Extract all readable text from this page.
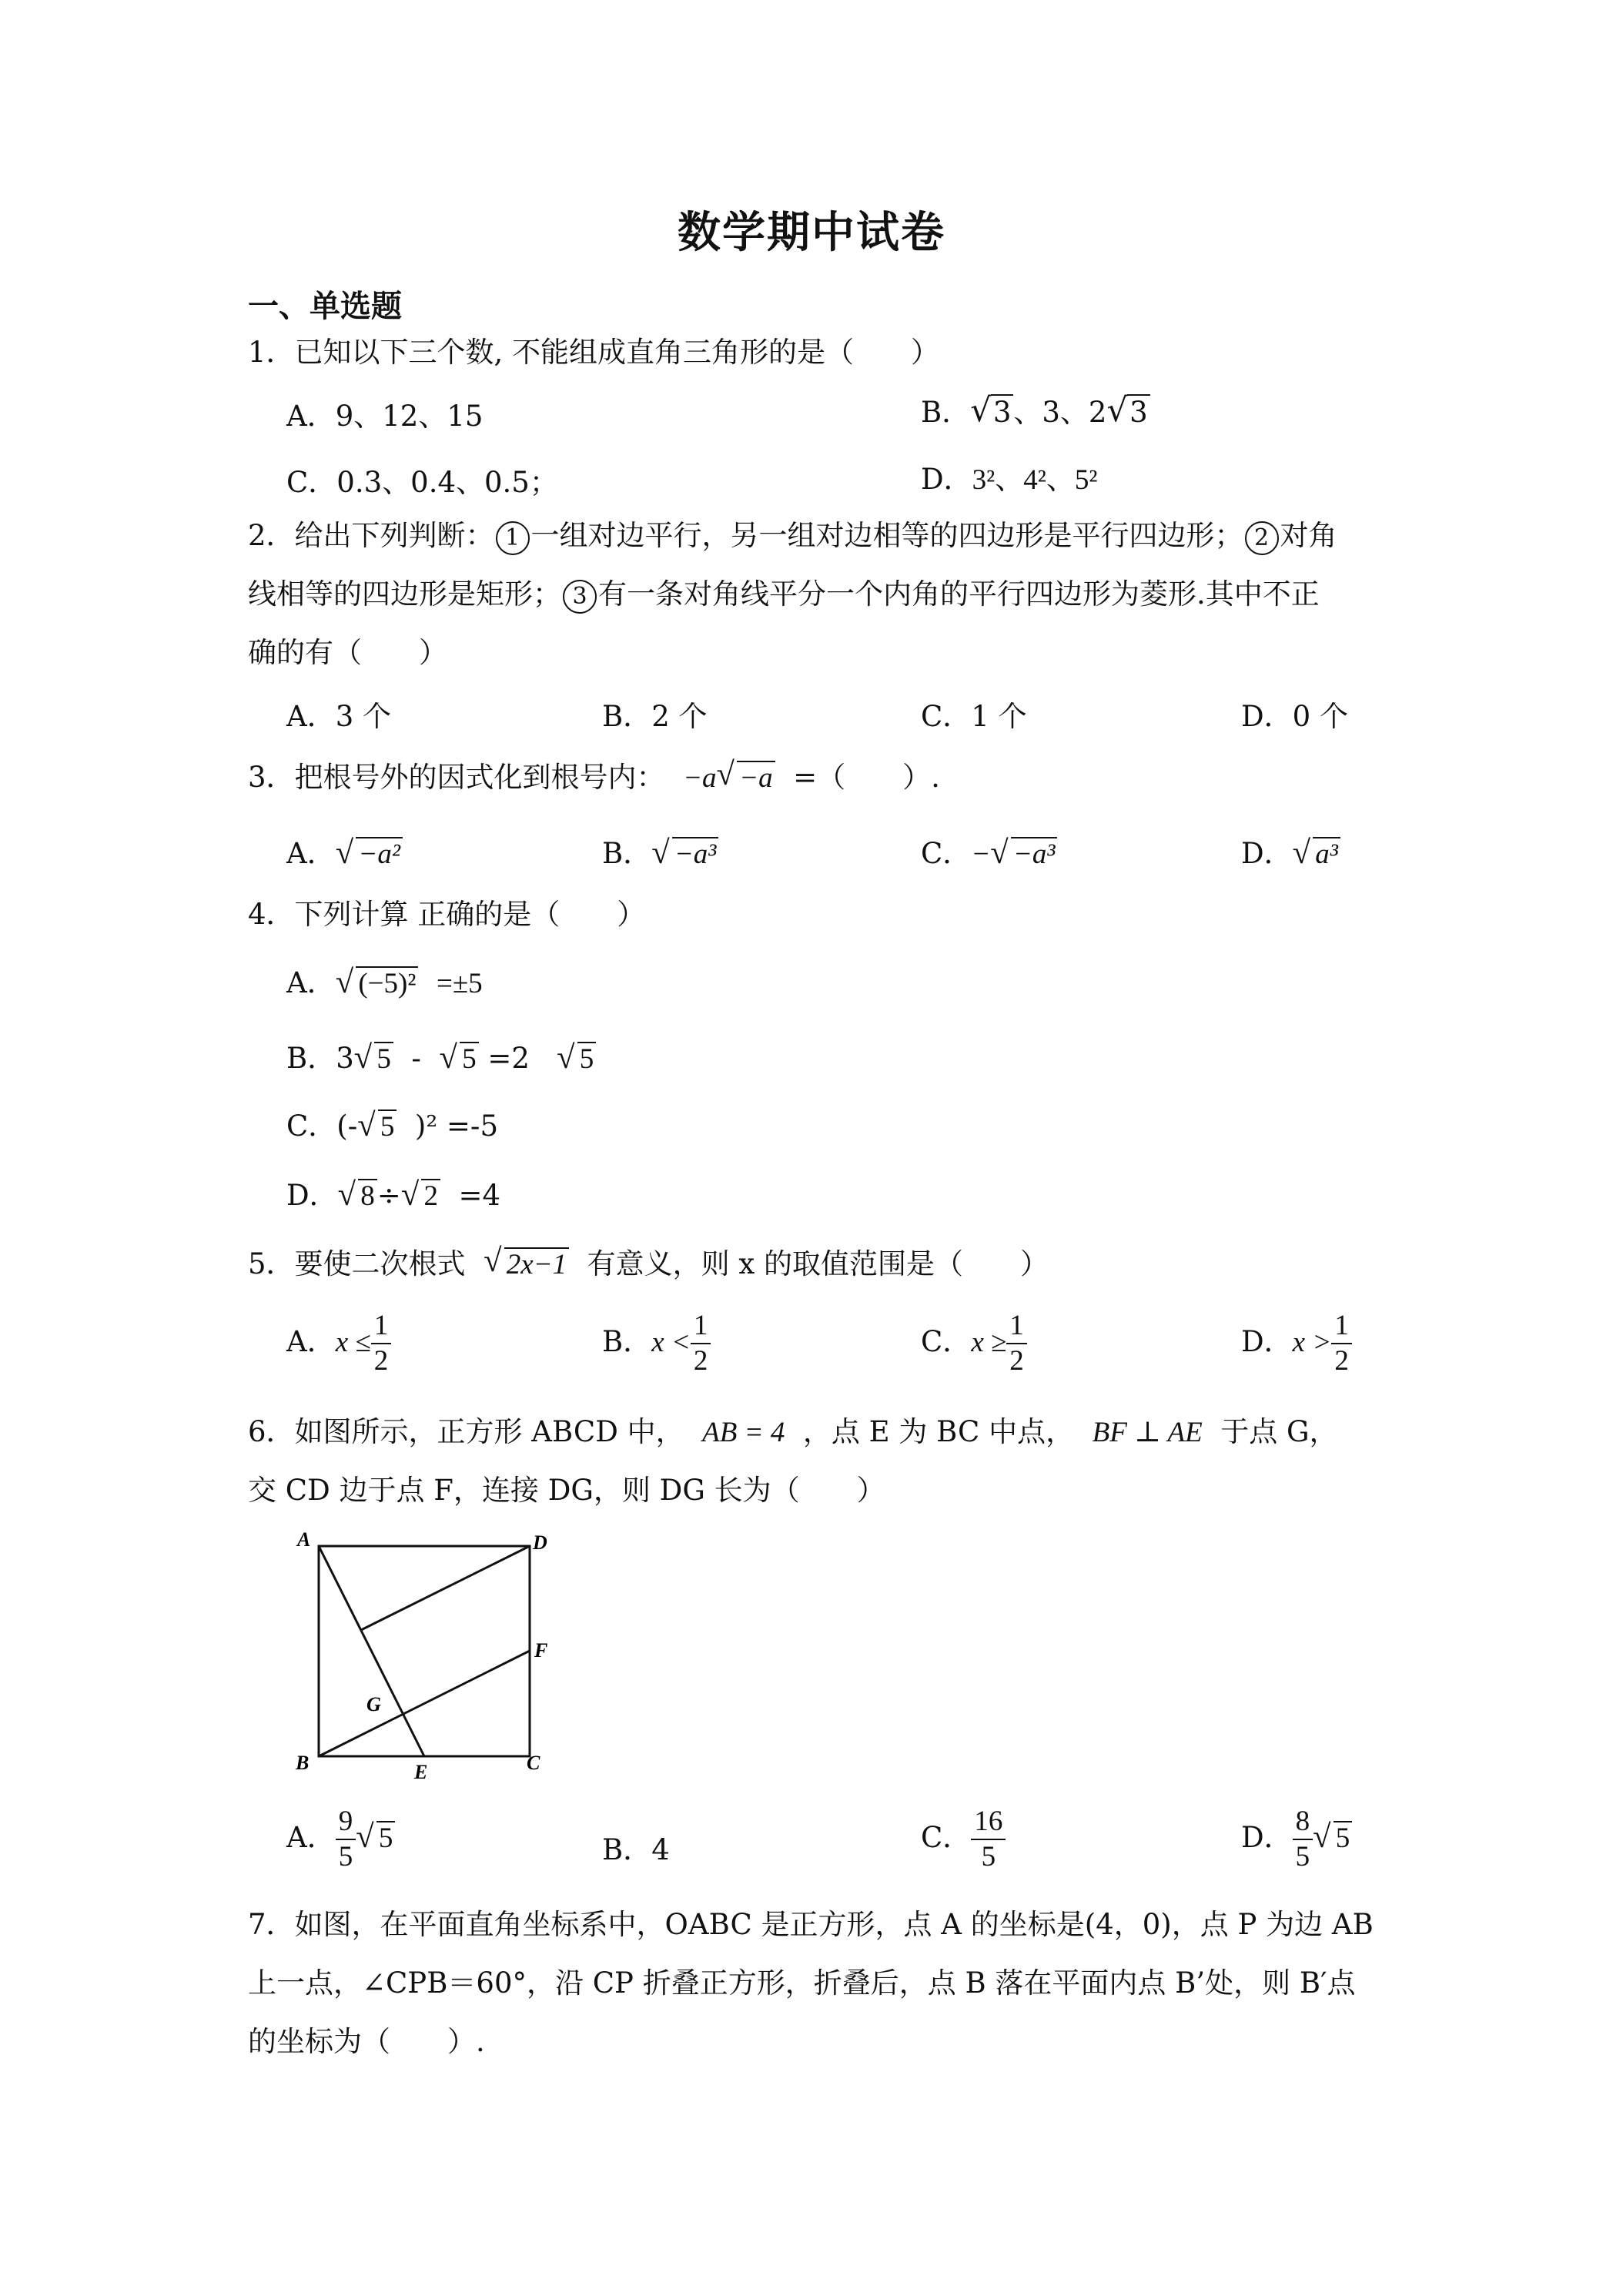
数学期中试卷
一、单选题
1．已知以下三个数, 不能组成直角三角形的是（　　）
A．9、12、15	B． √ 3、3、2 √ 3
C．0.3、0.4、0.5；	D．3²、4²、5²
2．给出下列判断： 1 一组对边平行，另一组对边相等的四边形是平行四边形； 2 对角
线相等的四边形是矩形； 3 有一条对角线平分一个内角的平行四边形为菱形.其中不正
确的有（　　）
A．3 个	B．2 个	C．1 个	D．0 个
3．把根号外的因式化到根号内： −a √ −a =（　　）.
A． √ −a²	B． √ −a³	C．− √ −a³	D． √ a³
4．下列计算 正确的是（　　）
A． √ (−5)² =±5
B．3 √ 5 - √ 5 =2 √ 5
C．(- √ 5 )² =-5
D． √ 8÷ √ 2 =4
5．要使二次根式 √ 2x−1 有意义，则 x 的取值范围是（　　）
A．$x \le \frac{1}{2}$	B．$x < \frac{1}{2}$	C．$x \ge \frac{1}{2}$	D．$x > \frac{1}{2}$
6．如图所示，正方形 ABCD 中， AB = 4 ，点 E 为 BC 中点， BF ⊥ AE 于点 G，
交 CD 边于点 F，连接 DG，则 DG 长为（　　）
A	D
F
G
B	E	C
A． $\frac{9}{5}$ √ 5	B．4	C． $\frac{16}{5}$	D． $\frac{8}{5}$ √ 5
7．如图，在平面直角坐标系中，OABC 是正方形，点 A 的坐标是(4，0)，点 P 为边 AB
上一点，∠CPB＝60°，沿 CP 折叠正方形，折叠后，点 B 落在平面内点 B’处，则 B′点
的坐标为（　　）.
